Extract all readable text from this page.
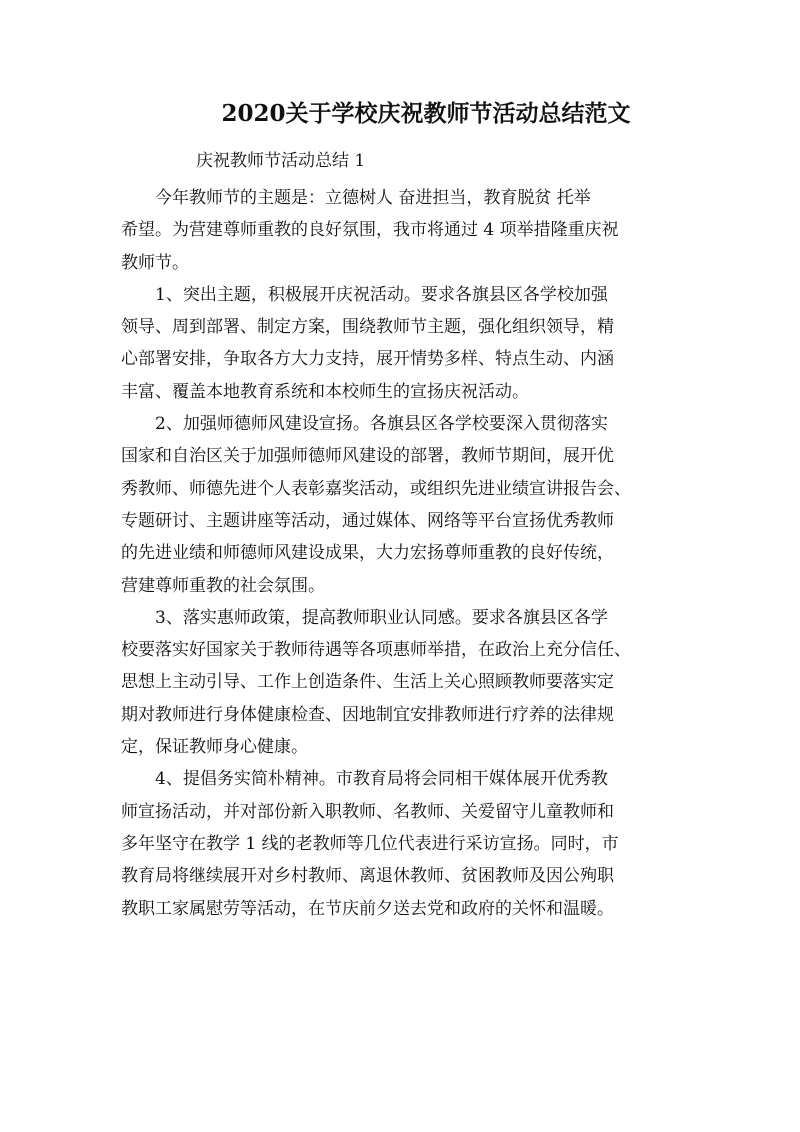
2020关于学校庆祝教师节活动总结范文
庆祝教师节活动总结 1

今年教师节的主题是：立德树人 奋进担当，教育脱贫 托举
希望。为营建尊师重教的良好氛围，我市将通过 4 项举措隆重庆祝
教师节。

1、突出主题，积极展开庆祝活动。要求各旗县区各学校加强
领导、周到部署、制定方案，围绕教师节主题，强化组织领导，精
心部署安排，争取各方大力支持，展开情势多样、特点生动、内涵
丰富、覆盖本地教育系统和本校师生的宣扬庆祝活动。

2、加强师德师风建设宣扬。各旗县区各学校要深入贯彻落实
国家和自治区关于加强师德师风建设的部署，教师节期间，展开优
秀教师、师德先进个人表彰嘉奖活动，或组织先进业绩宣讲报告会、
专题研讨、主题讲座等活动，通过媒体、网络等平台宣扬优秀教师
的先进业绩和师德师风建设成果，大力宏扬尊师重教的良好传统，
营建尊师重教的社会氛围。

3、落实惠师政策，提高教师职业认同感。要求各旗县区各学
校要落实好国家关于教师待遇等各项惠师举措，在政治上充分信任、
思想上主动引导、工作上创造条件、生活上关心照顾教师要落实定
期对教师进行身体健康检查、因地制宜安排教师进行疗养的法律规
定，保证教师身心健康。

4、提倡务实简朴精神。市教育局将会同相干媒体展开优秀教
师宣扬活动，并对部份新入职教师、名教师、关爱留守儿童教师和
多年坚守在教学 1 线的老教师等几位代表进行采访宣扬。同时，市
教育局将继续展开对乡村教师、离退休教师、贫困教师及因公殉职
教职工家属慰劳等活动，在节庆前夕送去党和政府的关怀和温暖。
